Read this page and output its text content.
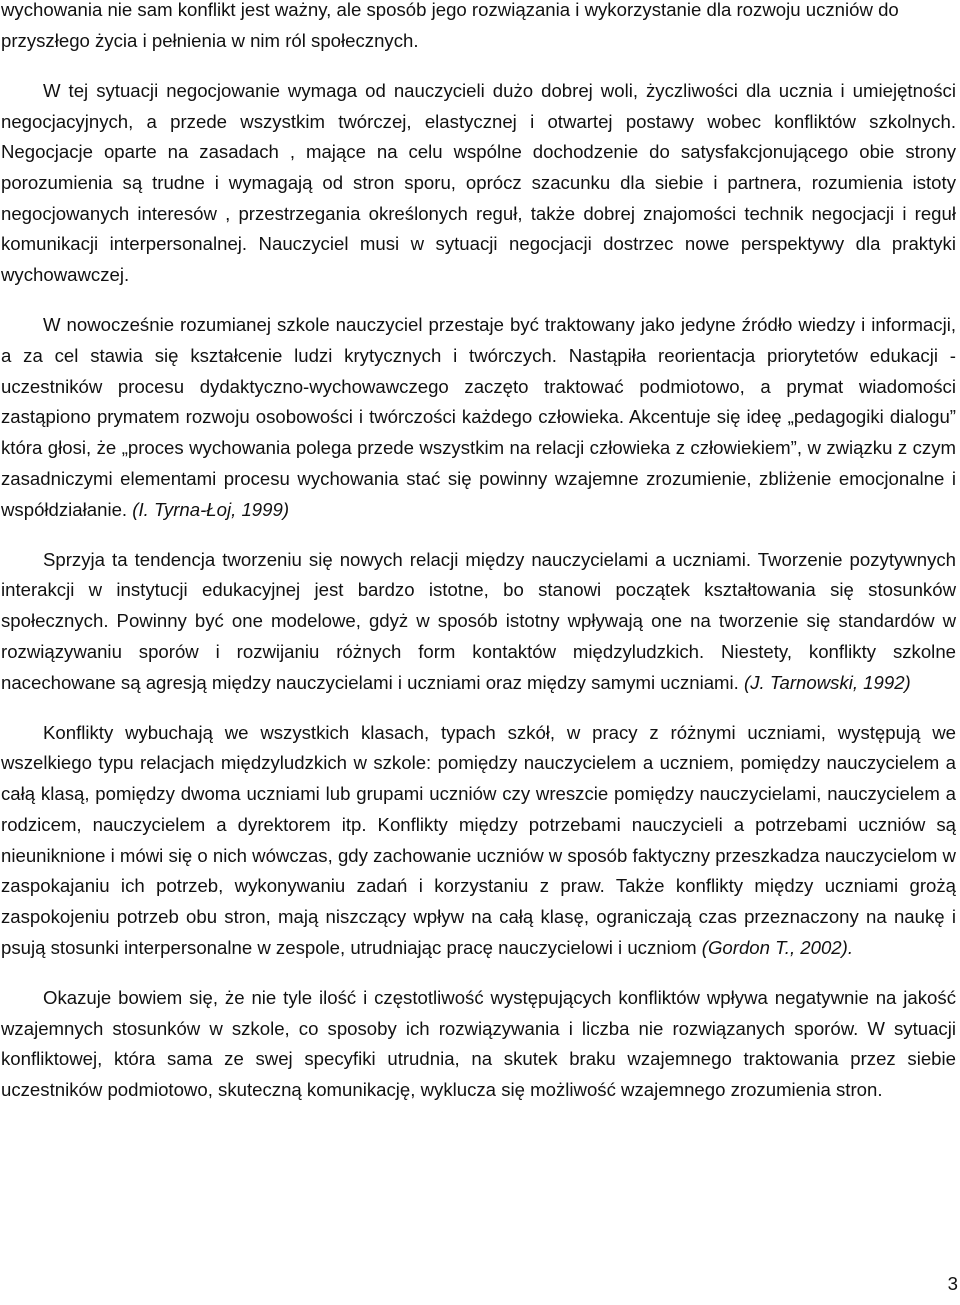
wychowania nie sam konflikt jest ważny, ale sposób jego rozwiązania i wykorzystanie dla rozwoju uczniów do przyszłego życia i pełnienia w nim ról społecznych.

W tej sytuacji negocjowanie wymaga od nauczycieli dużo dobrej woli, życzliwości dla ucznia i umiejętności negocjacyjnych, a przede wszystkim twórczej, elastycznej i otwartej postawy wobec konfliktów szkolnych. Negocjacje oparte na zasadach , mające na celu wspólne dochodzenie do satysfakcjonującego obie strony porozumienia są trudne i wymagają od stron sporu, oprócz szacunku dla siebie i partnera, rozumienia istoty negocjowanych interesów , przestrzegania określonych reguł, także dobrej znajomości technik negocjacji i reguł komunikacji interpersonalnej. Nauczyciel musi w sytuacji negocjacji dostrzec nowe perspektywy dla praktyki wychowawczej.

W nowocześnie rozumianej szkole nauczyciel przestaje być traktowany jako jedyne źródło wiedzy i informacji, a za cel stawia się kształcenie ludzi krytycznych i twórczych. Nastąpiła reorientacja priorytetów edukacji - uczestników procesu dydaktyczno-wychowawczego zaczęto traktować podmiotowo, a prymat wiadomości zastąpiono prymatem rozwoju osobowości i twórczości każdego człowieka. Akcentuje się ideę „pedagogiki dialogu” która głosi, że „proces wychowania polega przede wszystkim na relacji człowieka z człowiekiem”, w związku z czym zasadniczymi elementami procesu wychowania stać się powinny wzajemne zrozumienie, zbliżenie emocjonalne i współdziałanie. (I. Tyrna-Łoj, 1999)

Sprzyja ta tendencja tworzeniu się nowych relacji między nauczycielami a uczniami. Tworzenie pozytywnych interakcji w instytucji edukacyjnej jest bardzo istotne, bo stanowi początek kształtowania się stosunków społecznych. Powinny być one modelowe, gdyż w sposób istotny wpływają one na tworzenie się standardów w rozwiązywaniu sporów i rozwijaniu różnych form kontaktów międzyludzkich. Niestety, konflikty szkolne nacechowane są agresją między nauczycielami i uczniami oraz między samymi uczniami. (J. Tarnowski, 1992)

Konflikty wybuchają we wszystkich klasach, typach szkół, w pracy z różnymi uczniami, występują we wszelkiego typu relacjach międzyludzkich w szkole: pomiędzy nauczycielem a uczniem, pomiędzy nauczycielem a całą klasą, pomiędzy dwoma uczniami lub grupami uczniów czy wreszcie pomiędzy nauczycielami, nauczycielem a rodzicem, nauczycielem a dyrektorem itp. Konflikty między potrzebami nauczycieli a potrzebami uczniów są nieuniknione i mówi się o nich wówczas, gdy zachowanie uczniów w sposób faktyczny przeszkadza nauczycielom w zaspokajaniu ich potrzeb, wykonywaniu zadań i korzystaniu z praw. Także konflikty między uczniami grożą zaspokojeniu potrzeb obu stron, mają niszczący wpływ na całą klasę, ograniczają czas przeznaczony na naukę i psują stosunki interpersonalne w zespole, utrudniając pracę nauczycielowi i uczniom (Gordon T., 2002).

Okazuje bowiem się, że nie tyle ilość i częstotliwość występujących konfliktów wpływa negatywnie na jakość wzajemnych stosunków w szkole, co sposoby ich rozwiązywania i liczba nie rozwiązanych sporów. W sytuacji konfliktowej, która sama ze swej specyfiki utrudnia, na skutek braku wzajemnego traktowania przez siebie uczestników podmiotowo, skuteczną komunikację, wyklucza się możliwość wzajemnego zrozumienia stron.

3
